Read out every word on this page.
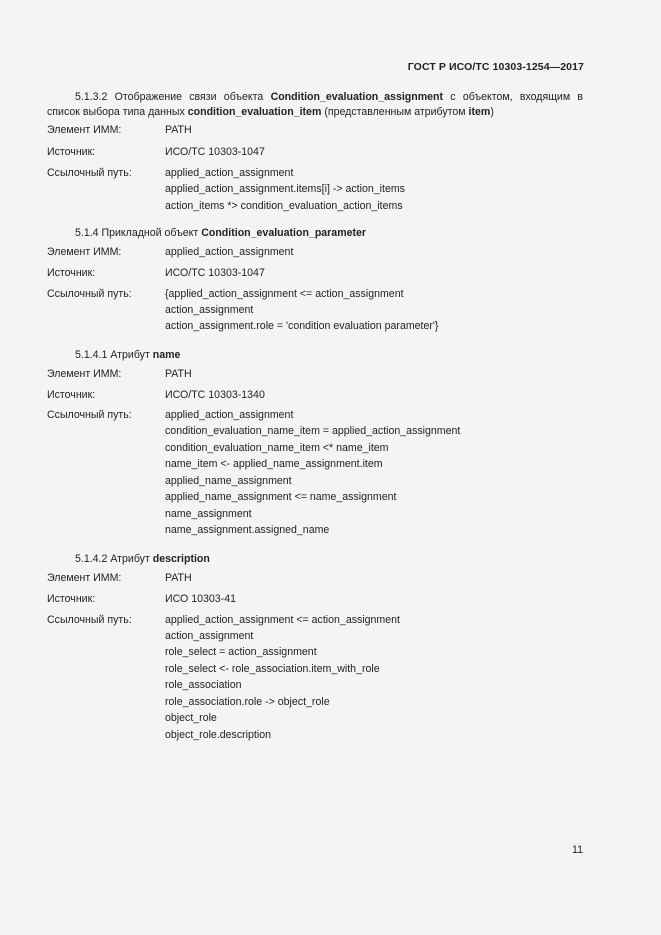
ГОСТ Р ИСО/ТС 10303-1254—2017
5.1.3.2 Отображение связи объекта Condition_evaluation_assignment с объектом, входящим в список выбора типа данных condition_evaluation_item (представленным атрибутом item)
Элемент ИММ:	PATH
Источник:	ИСО/ТС 10303-1047
Ссылочный путь:	applied_action_assignment
applied_action_assignment.items[i] -> action_items
action_items *> condition_evaluation_action_items
5.1.4 Прикладной объект Condition_evaluation_parameter
Элемент ИММ:	applied_action_assignment
Источник:	ИСО/ТС 10303-1047
Ссылочный путь:	{applied_action_assignment <= action_assignment
action_assignment
action_assignment.role = 'condition evaluation parameter'}
5.1.4.1 Атрибут name
Элемент ИММ:	PATH
Источник:	ИСО/ТС 10303-1340
Ссылочный путь:	applied_action_assignment
condition_evaluation_name_item = applied_action_assignment
condition_evaluation_name_item <* name_item
name_item <- applied_name_assignment.item
applied_name_assignment
applied_name_assignment <= name_assignment
name_assignment
name_assignment.assigned_name
5.1.4.2 Атрибут description
Элемент ИММ:	PATH
Источник:	ИСО 10303-41
Ссылочный путь:	applied_action_assignment <= action_assignment
action_assignment
role_select = action_assignment
role_select <- role_association.item_with_role
role_association
role_association.role -> object_role
object_role
object_role.description
11
